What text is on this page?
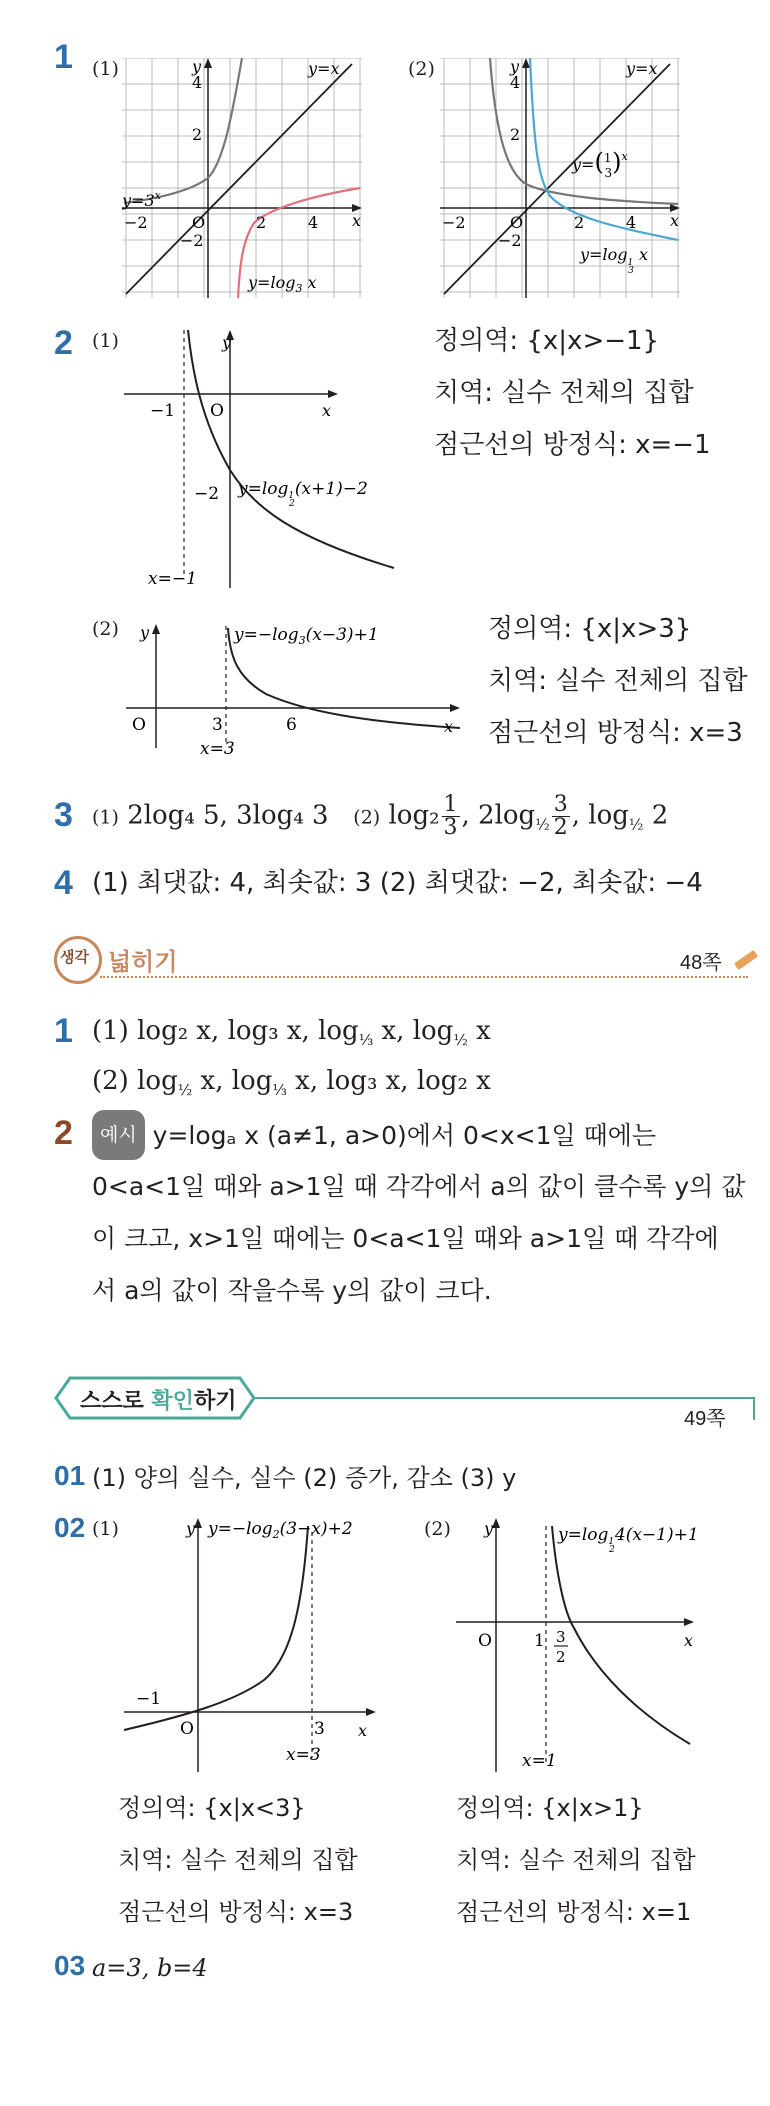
1 (1)	y
x
y=x
$y=3^x$
4
2
−2
O	2	4
−2
$y=\log_3$ x
(2)	y
x
y=x
y=($^1$ 3)$^x$
4
2
−2
O	2	4
−2
$y=\log_1$ 3 x
2 (1)	y
x
O
−1
−2 $y=\log_1$ 2(x+1)−2
x=−1
정의역: {x|x>−1}
치역: 실수 전체의 집합
점근선의 방정식: x=−1
(2) y
x
O	3	6
$y=-\log_3(x-3)+1$
x=3
정의역: {x|x>3}
치역: 실수 전체의 집합
점근선의 방정식: x=3
3 (1) 2log₄ 5, 3log₄ 3 (2) $\log_2 \frac{1}{3}$ , $2\log_{\frac{1}{2}} \frac{3}{2}$ , $\log_{\frac{1}{2}} 2$
4 (1) 최댓값: 4, 최솟값: 3 (2) 최댓값: −2, 최솟값: −4
생각 넓히기	48쪽
1 (1) log₂ x, log₃ x, $\log_{\frac{1}{3}} x$, $\log_{\frac{1}{2}} x$
(2) $\log_{\frac{1}{2}} x$, $\log_{\frac{1}{3}} x$, log₃ x, log₂ x
2	예시 y=logₐ x (a≠1, a>0)에서 0<x<1일 때에는
0<a<1일 때와 a>1일 때 각각에서 a의 값이 클수록 y의 값
이 크고, x>1일 때에는 0<a<1일 때와 a>1일 때 각각에
서 a의 값이 작을수록 y의 값이 크다.
스스로 확인하기
49쪽
01 (1) 양의 실수, 실수 (2) 증가, 감소 (3) y
02 (1)	y
x
O
−1
3
$y=-\log_2(3-x)+2$
x=3
(2) y
x
O 1 3
2
$y=\log_1$ 24(x−1)+1
x=1
정의역: {x|x<3}
치역: 실수 전체의 집합
점근선의 방정식: x=3
정의역: {x|x>1}
치역: 실수 전체의 집합
점근선의 방정식: x=1
03 a=3, b=4
